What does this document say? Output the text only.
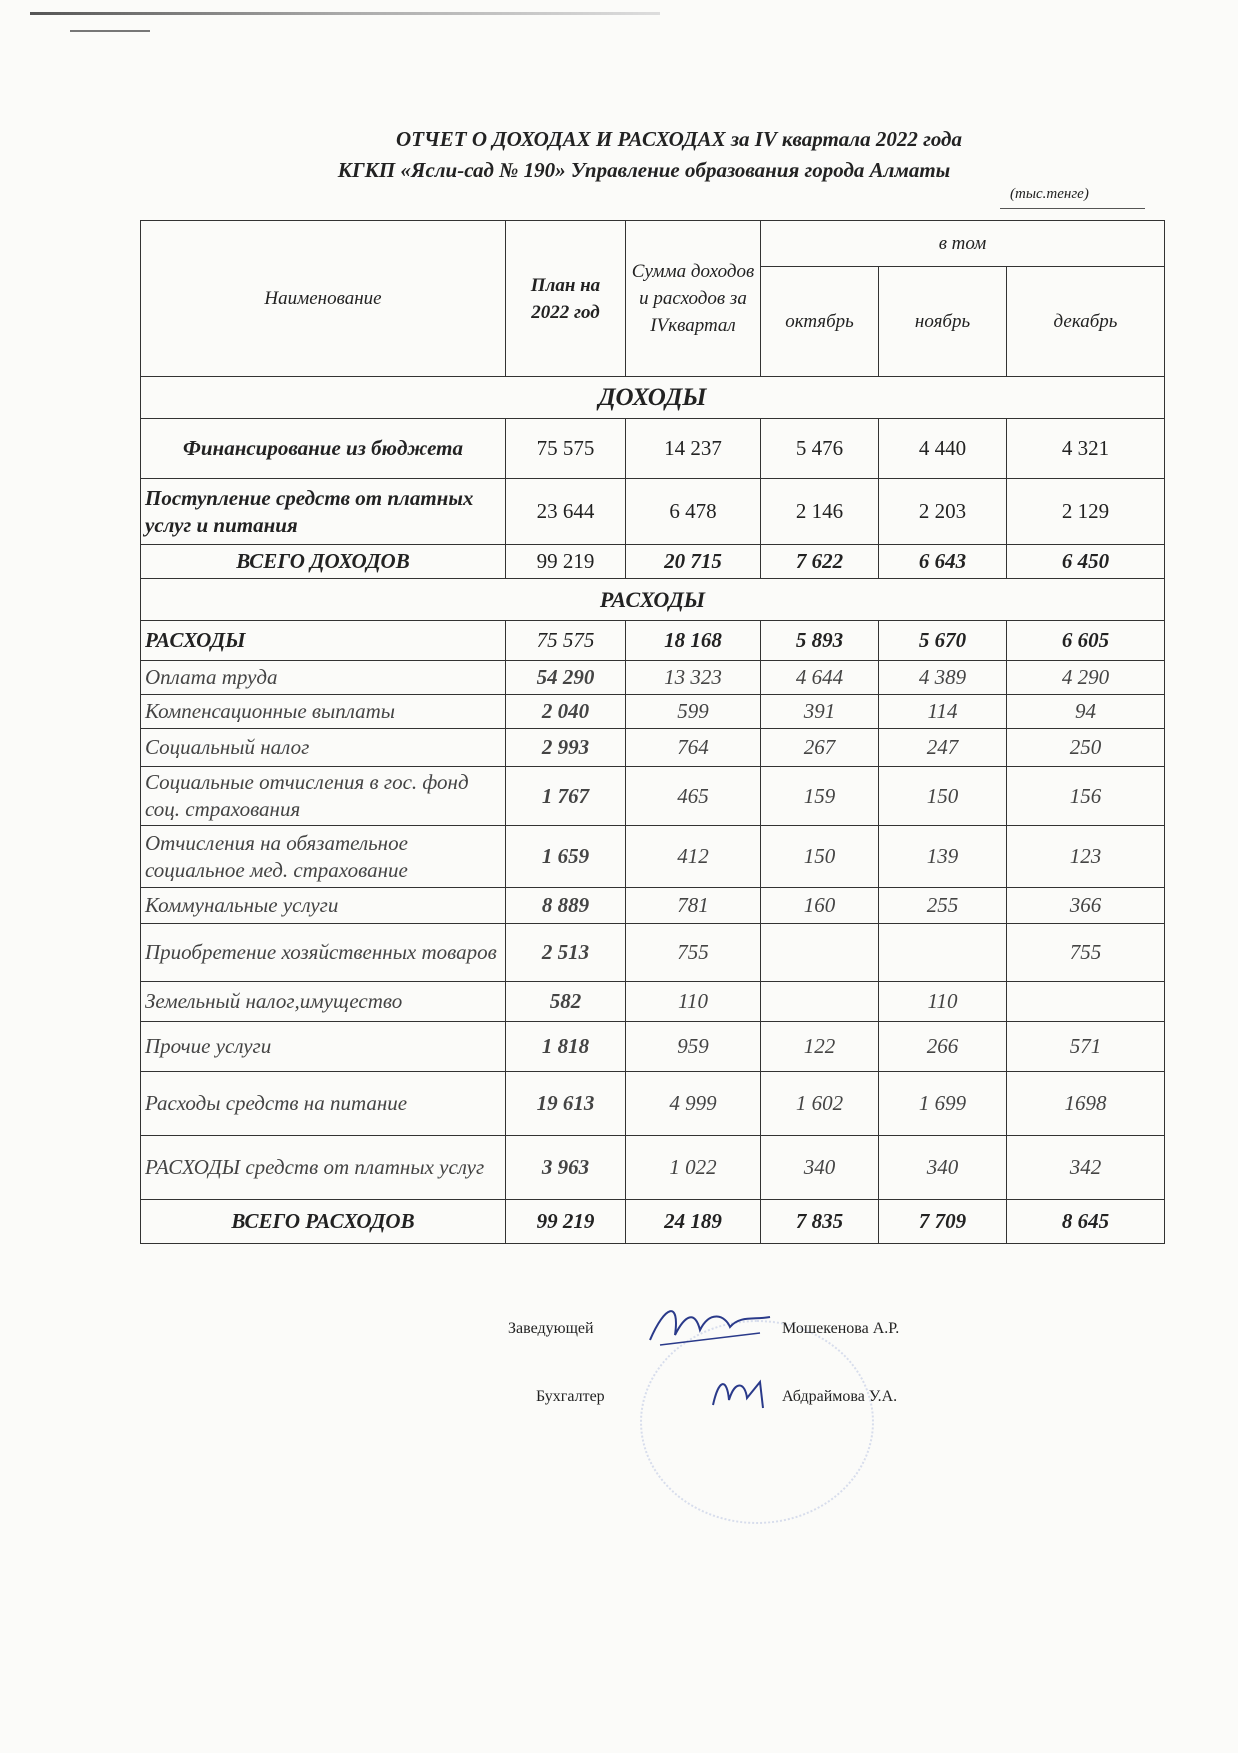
ОТЧЕТ О ДОХОДАХ И РАСХОДАХ за IV квартала 2022 года
КГКП «Ясли-сад № 190» Управление образования города Алматы
(тыс.тенге)
Наименование	План на 2022 год	Сумма доходов и расходов за IVквартал	в том		
			октябрь	ноябрь	декабрь
ДОХОДЫ					
Финансирование из бюджета	75 575	14 237	5 476	4 440	4 321
Поступление средств от платных услуг и питания	23 644	6 478	2 146	2 203	2 129
ВСЕГО ДОХОДОВ	99 219	20 715	7 622	6 643	6 450
РАСХОДЫ					
РАСХОДЫ	75 575	18 168	5 893	5 670	6 605
Оплата труда	54 290	13 323	4 644	4 389	4 290
Компенсационные выплаты	2 040	599	391	114	94
Социальный налог	2 993	764	267	247	250
Социальные отчисления в гос. фонд соц. страхования	1 767	465	159	150	156
Отчисления на обязательное социальное мед. страхование	1 659	412	150	139	123
Коммунальные услуги	8 889	781	160	255	366
Приобретение хозяйственных товаров	2 513	755			755
Земельный налог,имущество	582	110		110	
Прочие услуги	1 818	959	122	266	571
Расходы средств на питание	19 613	4 999	1 602	1 699	1698
РАСХОДЫ средств от платных услуг	3 963	1 022	340	340	342
ВСЕГО РАСХОДОВ	99 219	24 189	7 835	7 709	8 645
Заведующей	Мошекенова А.Р.
Бухгалтер	Абдраймова У.А.
